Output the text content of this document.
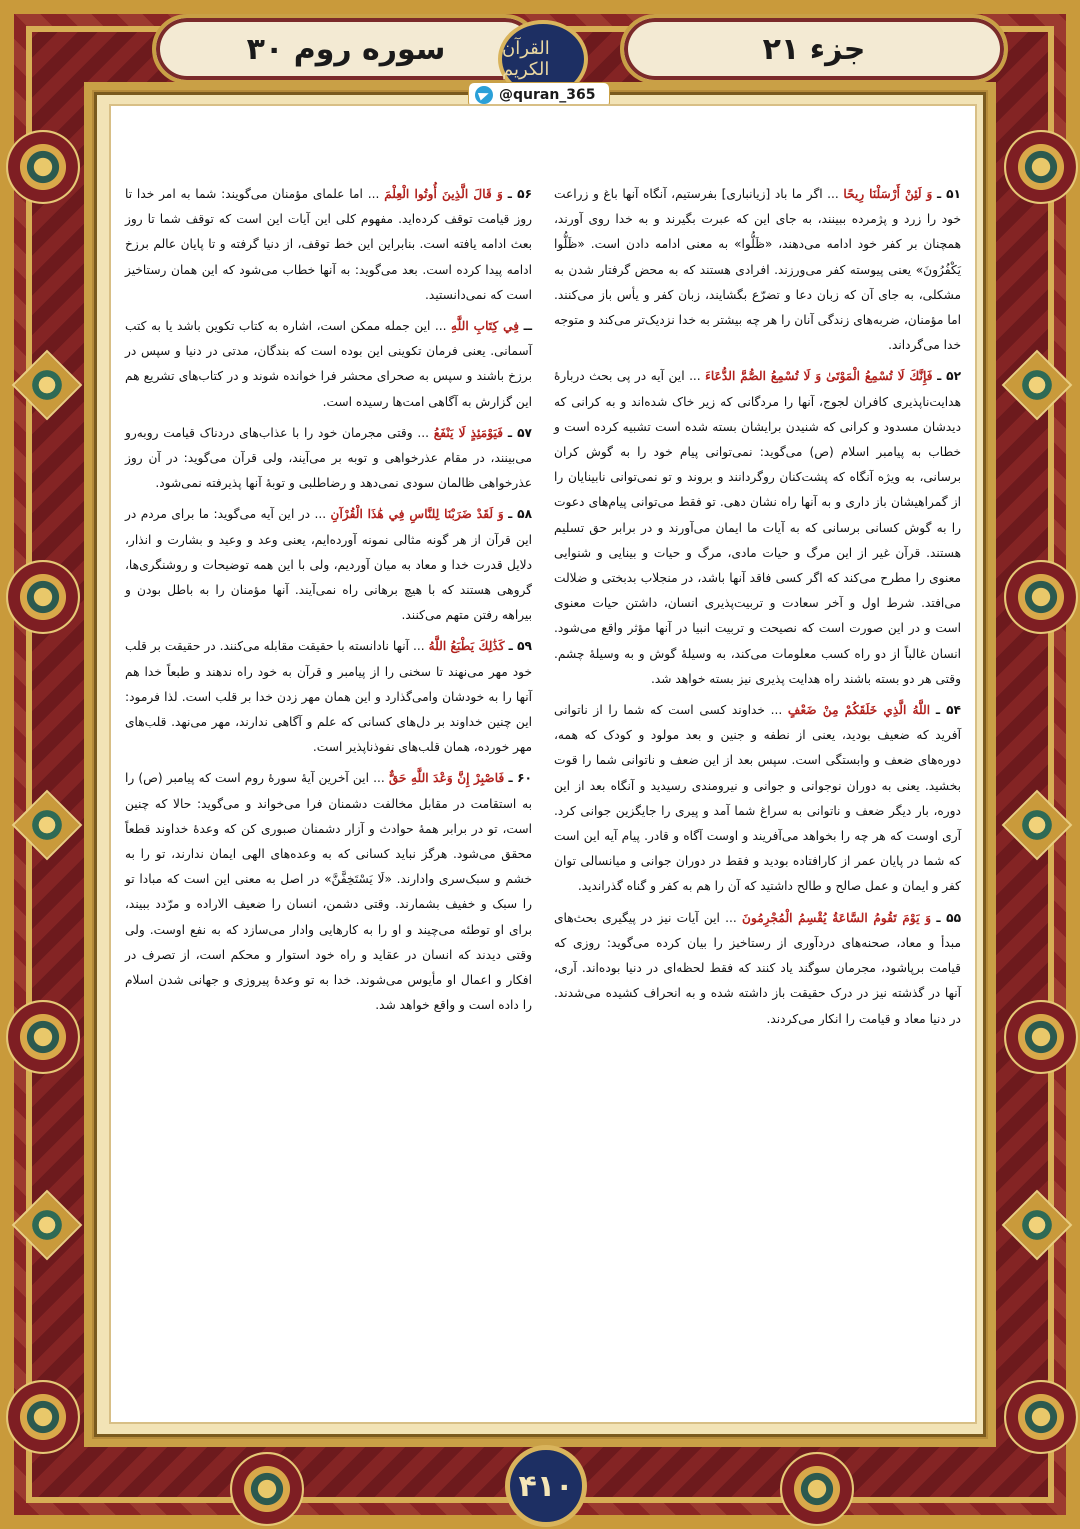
سوره روم ۳۰	جزء ۲۱
القرآن الكريم
@quran_365

۵۱ ـ وَ لَئِنْ أَرْسَلْنَا رِيحًا ... اگر ما باد [زیانباری] بفرستیم، آنگاه آنها باغ و زراعت خود را زرد و پژمرده ببینند، به جای این که عبرت بگیرند و به خدا روی آورند، همچنان بر کفر خود ادامه می‌دهند، «ظَلُّوا» به معنی ادامه دادن است. «ظَلُّوا يَكْفُرُونَ» یعنی پیوسته کفر می‌ورزند. افرادی هستند که به محض گرفتار شدن به مشکلی، به جای آن که زبان دعا و تضرّع بگشایند، زبان کفر و یأس باز می‌کنند. اما مؤمنان، ضربه‌های زندگی آنان را هر چه بیشتر به خدا نزدیک‌تر می‌کند و متوجه خدا می‌گرداند.

۵۲ ـ فَإِنَّكَ لَا تُسْمِعُ الْمَوْتَىٰ وَ لَا تُسْمِعُ الصُّمَّ الدُّعَاءَ ... این آیه در پی بحث دربارهٔ هدایت‌ناپذیری کافران لجوج، آنها را مردگانی که زیر خاک شده‌اند و به کرانی که دیدشان مسدود و کرانی که شنیدن برایشان بسته شده است تشبیه کرده است و خطاب به پیامبر اسلام (ص) می‌گوید: نمی‌توانی پیام خود را به گوش کران برسانی، به ویژه آنگاه که پشت‌کنان روگردانند و بروند و تو نمی‌توانی نابینایان را از گمراهیشان باز داری و به آنها راه نشان دهی. تو فقط می‌توانی پیام‌های دعوت را به گوش کسانی برسانی که به آیات ما ایمان می‌آورند و در برابر حق تسلیم هستند. قرآن غیر از این مرگ و حیات مادی، مرگ و حیات و بینایی و شنوایی معنوی را مطرح می‌کند که اگر کسی فاقد آنها باشد، در منجلاب بدبختی و ضلالت می‌افتد. شرط اول و آخر سعادت و تربیت‌پذیری انسان، داشتن حیات معنوی است و در این صورت است که نصیحت و تربیت انبیا در آنها مؤثر واقع می‌شود. انسان غالباً از دو راه کسب معلومات می‌کند، به وسیلهٔ گوش و به وسیلهٔ چشم. وقتی هر دو بسته باشند راه هدایت پذیری نیز بسته خواهد شد.

۵۴ ـ اللَّهُ الَّذِي خَلَقَكُمْ مِنْ ضَعْفٍ ... خداوند کسی است که شما را از ناتوانی آفرید که ضعیف بودید، یعنی از نطفه و جنین و بعد مولود و کودک که همه، دوره‌های ضعف و وابستگی است. سپس بعد از این ضعف و ناتوانی شما را قوت بخشید. یعنی به دوران نوجوانی و جوانی و نیرومندی رسیدید و آنگاه بعد از این دوره، بار دیگر ضعف و ناتوانی به سراغ شما آمد و پیری را جایگزین جوانی کرد. آری اوست که هر چه را بخواهد می‌آفریند و اوست آگاه و قادر. پیام آیه این است که شما در پایان عمر از کارافتاده بودید و فقط در دوران جوانی و میانسالی توان کفر و ایمان و عمل صالح و طالح داشتید که آن را هم به کفر و گناه گذراندید.

۵۵ ـ وَ يَوْمَ تَقُومُ السَّاعَةُ يُقْسِمُ الْمُجْرِمُونَ ... این آیات نیز در پیگیری بحث‌های مبدأ و معاد، صحنه‌های دردآوری از رستاخیز را بیان کرده می‌گوید: روزی که قیامت برپاشود، مجرمان سوگند یاد کنند که فقط لحظه‌ای در دنیا بوده‌اند. آری، آنها در گذشته نیز در درک حقیقت باز داشته شده و به انحراف کشیده می‌شدند. در دنیا معاد و قیامت را انکار می‌کردند.

۵۶ ـ وَ قَالَ الَّذِينَ أُوتُوا الْعِلْمَ ... اما علمای مؤمنان می‌گویند: شما به امر خدا تا روز قیامت توقف کرده‌اید. مفهوم کلی این آیات این است که توقف شما تا روز بعث ادامه یافته است. بنابراین این خط توقف، از دنیا گرفته و تا پایان عالم برزخ ادامه پیدا کرده است. بعد می‌گوید: به آنها خطاب می‌شود که این همان رستاخیز است که نمی‌دانستید.

ــ فِي كِتَابِ اللَّهِ ... این جمله ممکن است، اشاره به کتاب تکوین باشد یا به کتب آسمانی. یعنی فرمان تکوینی این بوده است که بندگان، مدتی در دنیا و سپس در برزخ باشند و سپس به صحرای محشر فرا خوانده شوند و در کتاب‌های تشریع هم این گزارش به آگاهی امت‌ها رسیده است.

۵۷ ـ فَيَوْمَئِذٍ لَا يَنْفَعُ ... وقتی مجرمان خود را با عذاب‌های دردناک قیامت روبه‌رو می‌بینند، در مقام عذرخواهی و توبه بر می‌آیند، ولی قرآن می‌گوید: در آن روز عذرخواهی ظالمان سودی نمی‌دهد و رضاطلبی و توبهٔ آنها پذیرفته نمی‌شود.

۵۸ ـ وَ لَقَدْ ضَرَبْنَا لِلنَّاسِ فِي هَٰذَا الْقُرْآنِ ... در این آیه می‌گوید: ما برای مردم در این قرآن از هر گونه مثالی نمونه آورده‌ایم، یعنی وعد و وعید و بشارت و انذار، دلایل قدرت خدا و معاد به میان آوردیم، ولی با این همه توضیحات و روشنگری‌ها، گروهی هستند که با هیچ برهانی راه نمی‌آیند. آنها مؤمنان را به باطل بودن و بیراهه رفتن متهم می‌کنند.

۵۹ ـ كَذَٰلِكَ يَطْبَعُ اللَّهُ ... آنها نادانسته با حقیقت مقابله می‌کنند. در حقیقت بر قلب خود مهر می‌نهند تا سخنی را از پیامبر و قرآن به خود راه ندهند و طبعاً خدا هم آنها را به خودشان وامی‌گذارد و این همان مهر زدن خدا بر قلب است. لذا فرمود: این چنین خداوند بر دل‌های کسانی که علم و آگاهی ندارند، مهر می‌نهد. قلب‌های مهر خورده، همان قلب‌های نفوذناپذیر است.

۶۰ ـ فَاصْبِرْ إِنَّ وَعْدَ اللَّهِ حَقٌّ ... این آخرین آیهٔ سورهٔ روم است که پیامبر (ص) را به استقامت در مقابل مخالفت دشمنان فرا می‌خواند و می‌گوید: حالا که چنین است، تو در برابر همهٔ حوادث و آزار دشمنان صبوری کن که وعدهٔ خداوند قطعاً محقق می‌شود. هرگز نباید کسانی که به وعده‌های الهی ایمان ندارند، تو را به خشم و سبک‌سری وادارند. «لَا يَسْتَخِفَّنَّ» در اصل به معنی این است که مبادا تو را سبک و خفیف بشمارند. وقتی دشمن، انسان را ضعیف الاراده و مرّدد ببیند، برای او توطئه می‌چیند و او را به کارهایی وادار می‌سازد که به نفع اوست. ولی وقتی دیدند که انسان در عقاید و راه خود استوار و محکم است، از تصرف در افکار و اعمال او مأیوس می‌شوند. خدا به تو وعدهٔ پیروزی و جهانی شدن اسلام را داده است و واقع خواهد شد.

۴۱۰
